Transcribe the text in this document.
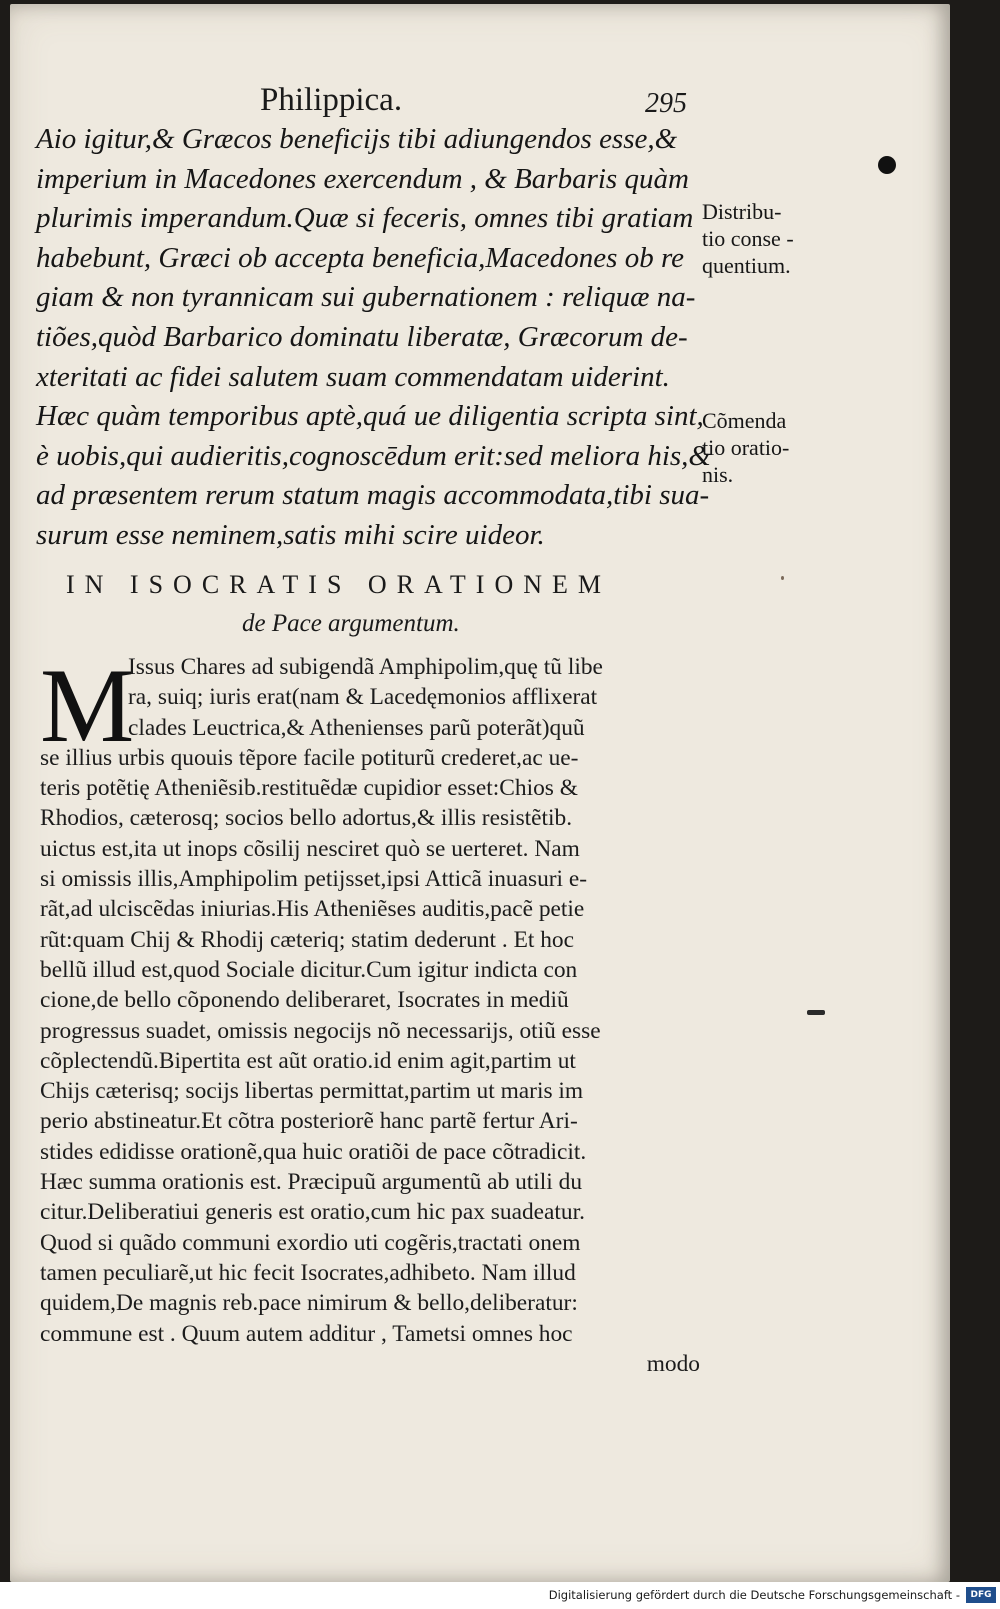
Philippica.	295
Aio igitur,& Græcos beneficijs tibi adiungendos esse,&
imperium in Macedones exercendum , & Barbaris quàm
plurimis imperandum.Quæ si feceris, omnes tibi gratiam
habebunt, Græci ob accepta beneficia,Macedones ob re
giam & non tyrannicam sui gubernationem : reliquæ na-
tiões,quòd Barbarico dominatu liberatæ, Græcorum de-
xteritati ac fidei salutem suam commendatam uiderint.
Hæc quàm temporibus aptè,quá ue diligentia scripta sint,
è uobis,qui audieritis,cognoscēdum erit:sed meliora his,&
ad præsentem rerum statum magis accommodata,tibi sua-
surum esse neminem,satis mihi scire uideor.
Distribu-
tio conse -
quentium.
Cõmenda
tio oratio-
nis.
IN ISOCRATIS ORATIONEM
de Pace argumentum.
M
Issus Chares ad subigendã Amphipolim,quę tũ libe
ra, suiq; iuris erat(nam & Lacedęmonios afflixerat
clades Leuctrica,& Athenienses parũ poterãt)quũ
se illius urbis quouis tẽpore facile potiturũ crederet,ac ue-
teris potẽtię Atheniẽsib.restituẽdæ cupidior esset:Chios &
Rhodios, cæterosq; socios bello adortus,& illis resistẽtib.
uictus est,ita ut inops cõsilij nesciret quò se uerteret. Nam
si omissis illis,Amphipolim petijsset,ipsi Atticã inuasuri e-
rãt,ad ulciscẽdas iniurias.His Atheniẽses auditis,pacẽ petie
rũt:quam Chij & Rhodij cæteriq; statim dederunt . Et hoc
bellũ illud est,quod Sociale dicitur.Cum igitur indicta con
cione,de bello cõponendo deliberaret, Isocrates in mediũ
progressus suadet, omissis negocijs nõ necessarijs, otiũ esse
cõplectendũ.Bipertita est aũt oratio.id enim agit,partim ut
Chijs cæterisq; socijs libertas permittat,partim ut maris im
perio abstineatur.Et cõtra posteriorẽ hanc partẽ fertur Ari-
stides edidisse orationẽ,qua huic oratiõi de pace cõtradicit.
Hæc summa orationis est. Præcipuũ argumentũ ab utili du
citur.Deliberatiui generis est oratio,cum hic pax suadeatur.
Quod si quãdo communi exordio uti cogẽris,tractati onem
tamen peculiarẽ,ut hic fecit Isocrates,adhibeto. Nam illud
quidem,De magnis reb.pace nimirum & bello,deliberatur:
commune est . Quum autem additur , Tametsi omnes hoc
modo
Digitalisierung gefördert durch die Deutsche Forschungsgemeinschaft -	DFG
